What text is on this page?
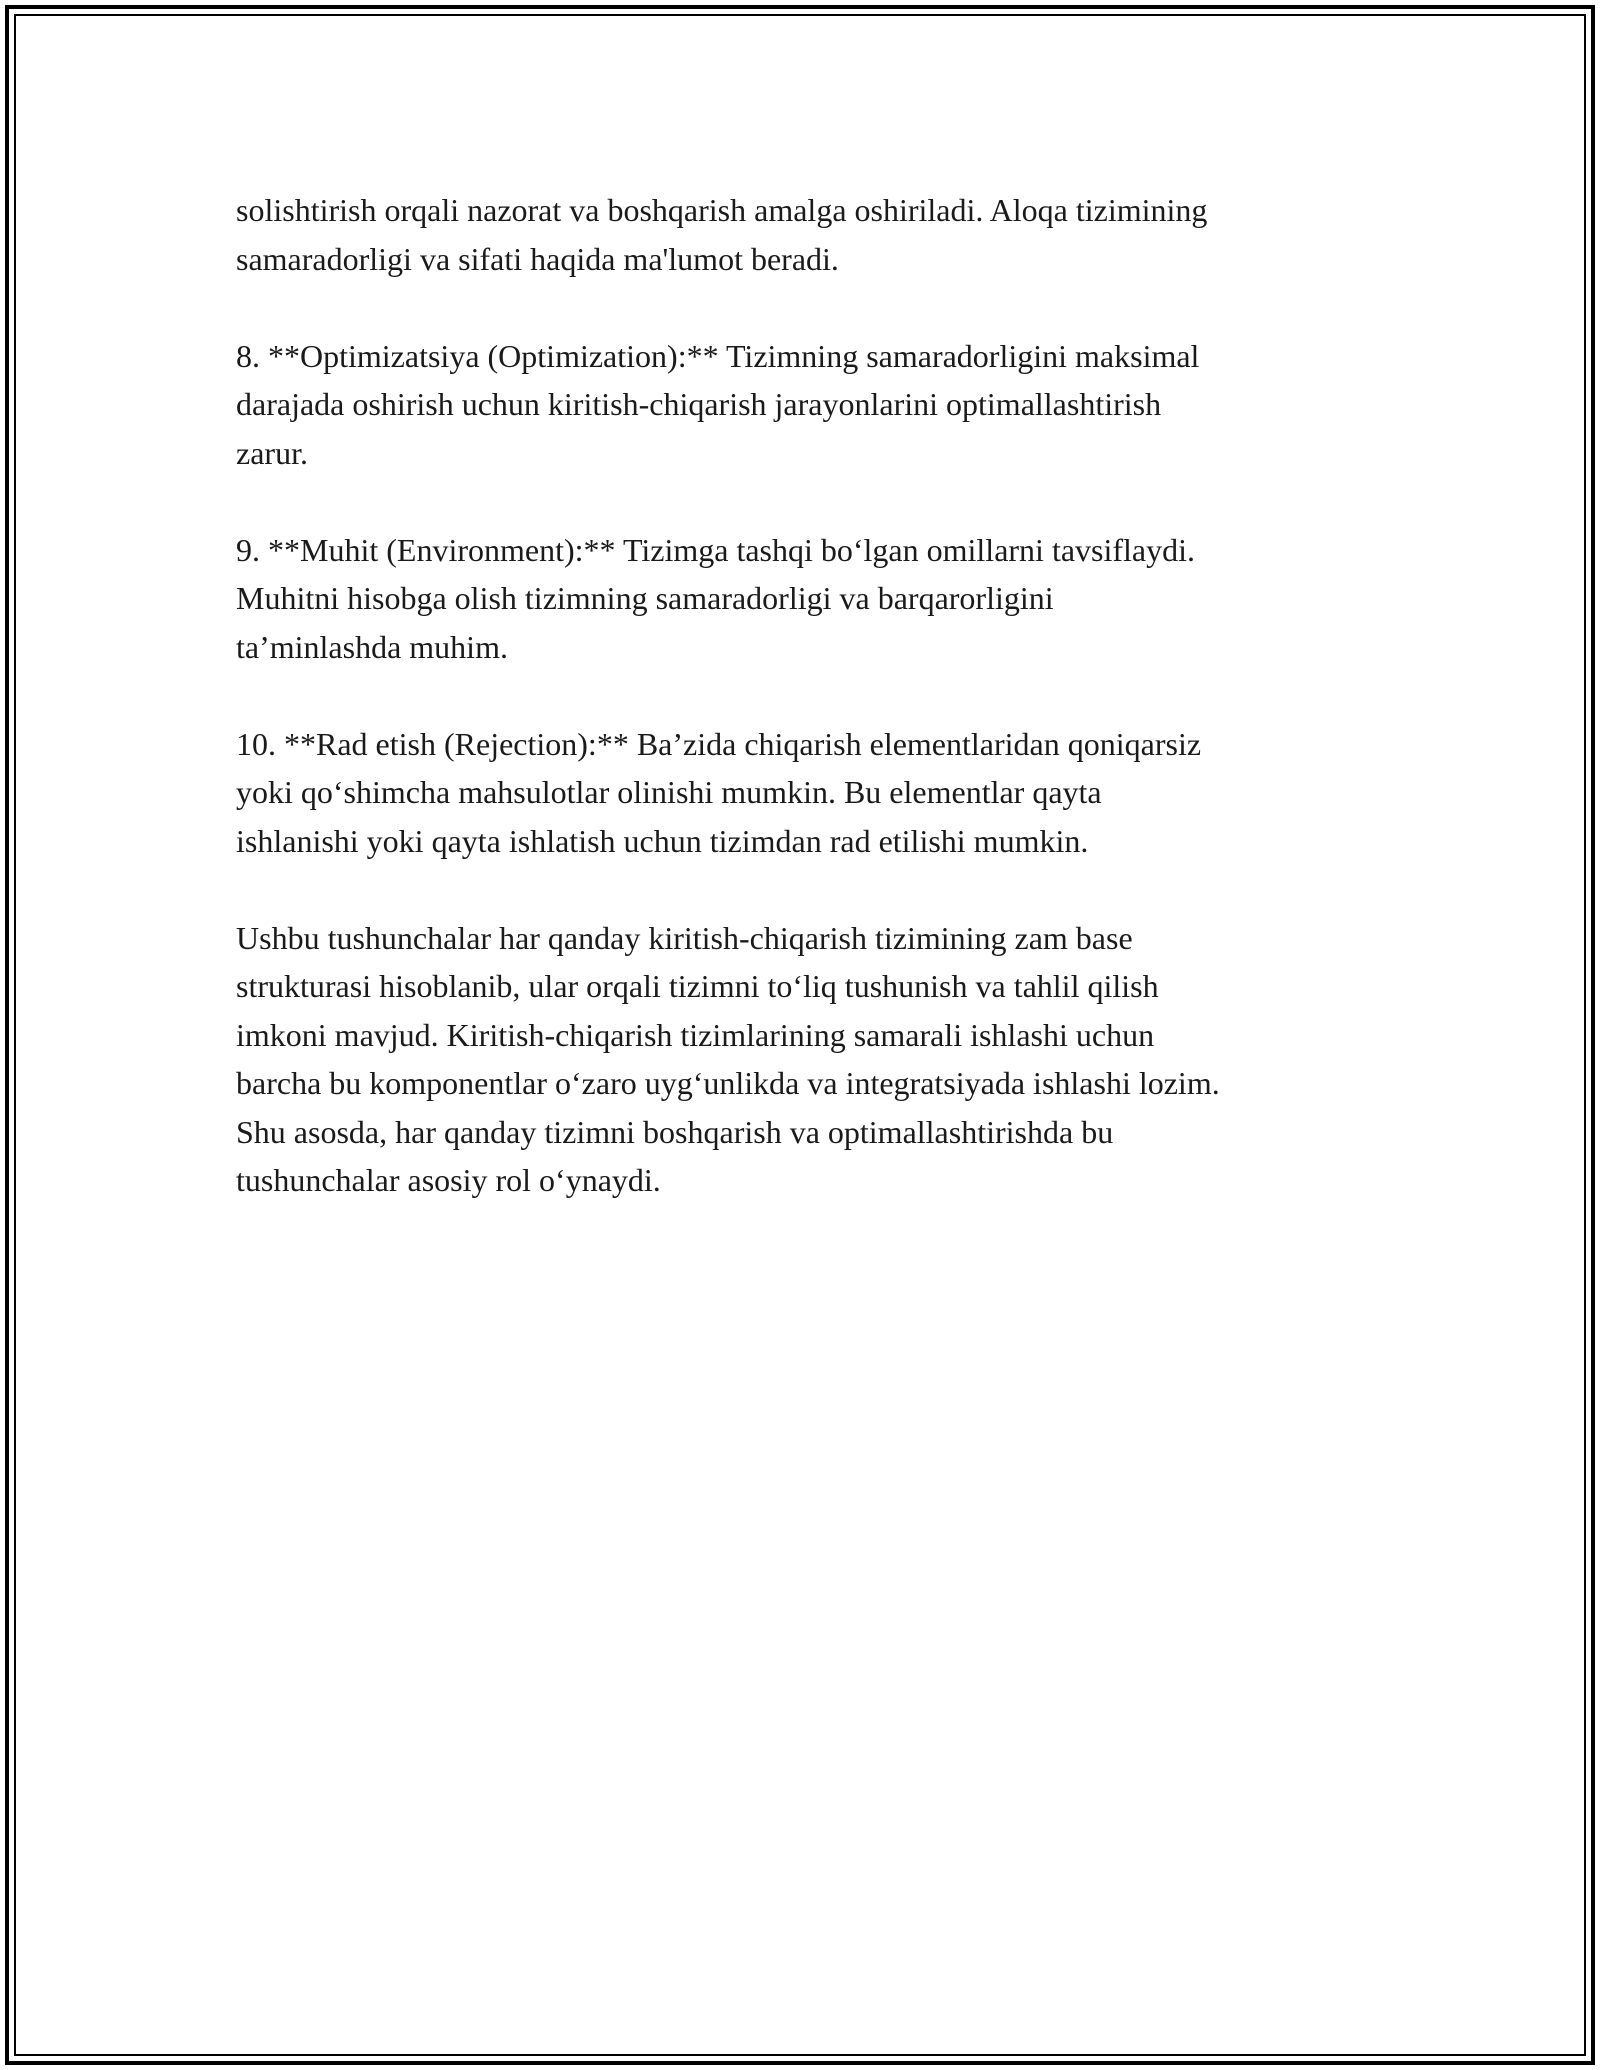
solishtirish orqali nazorat va boshqarish amalga oshiriladi. Aloqa tizimining
samaradorligi va sifati haqida ma'lumot beradi.

8. **Optimizatsiya (Optimization):** Tizimning samaradorligini maksimal
darajada oshirish uchun kiritish-chiqarish jarayonlarini optimallashtirish
zarur.

9. **Muhit (Environment):** Tizimga tashqi bo‘lgan omillarni tavsiflaydi.
Muhitni hisobga olish tizimning samaradorligi va barqarorligini
ta’minlashda muhim.

10. **Rad etish (Rejection):** Ba’zida chiqarish elementlaridan qoniqarsiz
yoki qo‘shimcha mahsulotlar olinishi mumkin. Bu elementlar qayta
ishlanishi yoki qayta ishlatish uchun tizimdan rad etilishi mumkin.

Ushbu tushunchalar har qanday kiritish-chiqarish tizimining zam base
strukturasi hisoblanib, ular orqali tizimni to‘liq tushunish va tahlil qilish
imkoni mavjud. Kiritish-chiqarish tizimlarining samarali ishlashi uchun
barcha bu komponentlar o‘zaro uyg‘unlikda va integratsiyada ishlashi lozim.
Shu asosda, har qanday tizimni boshqarish va optimallashtirishda bu
tushunchalar asosiy rol o‘ynaydi.
